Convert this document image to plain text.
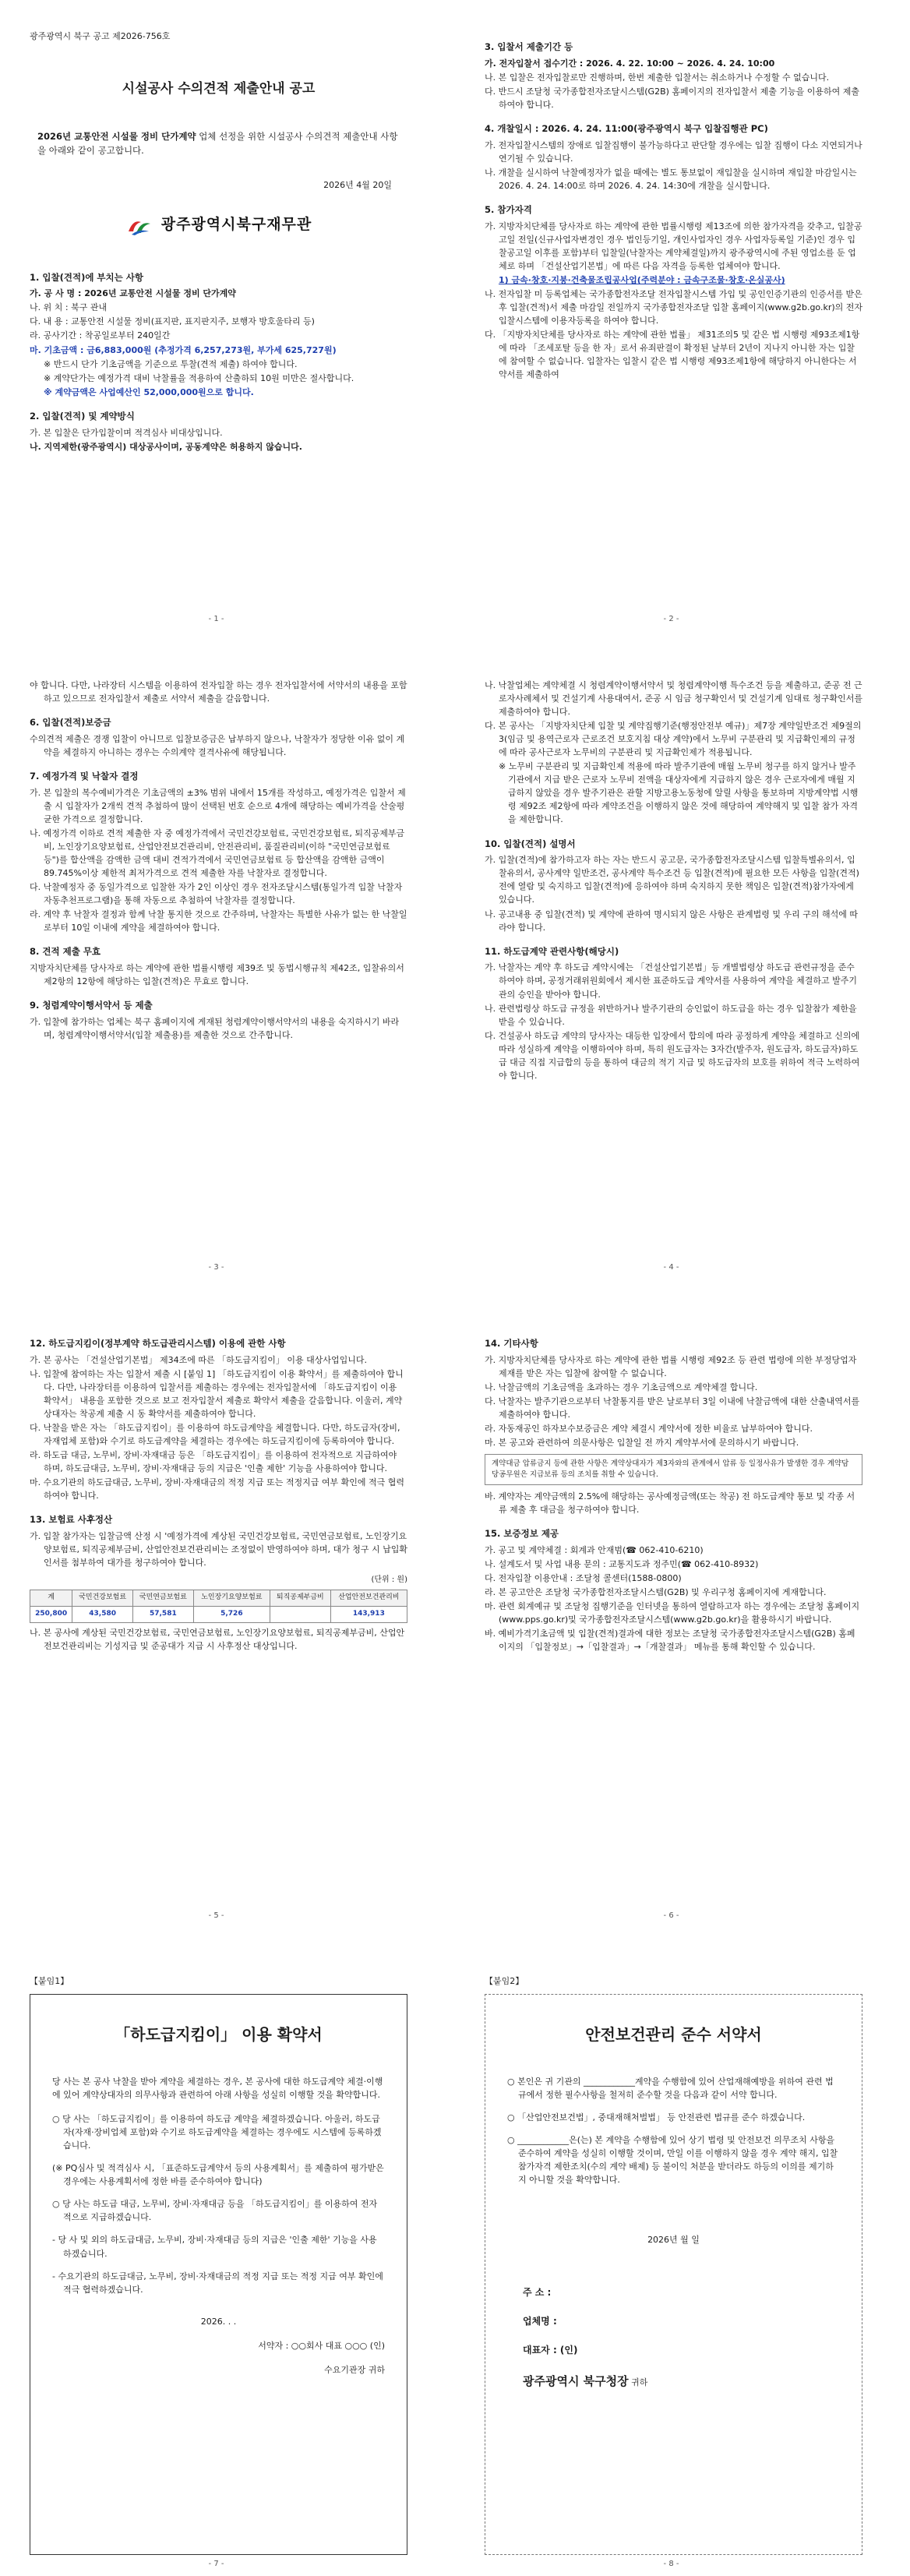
광주광역시 북구 공고 제2026-756호
시설공사 수의견적 제출안내 공고
2026년 교통안전 시설물 정비 단가계약 업체 선정을 위한 시설공사 수의견적 제출안내 사항을 아래와 같이 공고합니다.
2026년 4월 20일
광주광역시북구재무관
1. 입찰(견적)에 부치는 사항
가. 공 사 명 : 2026년 교통안전 시설물 정비 단가계약
나. 위 치 : 북구 관내
다. 내 용 : 교통안전 시설물 정비(표지판, 표지판지주, 보행자 방호울타리 등)
라. 공사기간 : 착공일로부터 240일간
마. 기초금액 : 금6,883,000원 (추정가격 6,257,273원, 부가세 625,727원)
※ 반드시 단가 기초금액을 기준으로 투찰(견적 제출) 하여야 합니다.
※ 계약단가는 예정가격 대비 낙찰률을 적용하여 산출하되 10원 미만은 절사합니다.
※ 계약금액은 사업예산인 52,000,000원으로 합니다.
2. 입찰(견적) 및 계약방식
가. 본 입찰은 단가입찰이며 적격심사 비대상입니다.
나. 지역제한(광주광역시) 대상공사이며, 공동계약은 허용하지 않습니다.
- 1 -
3. 입찰서 제출기간 등
가. 전자입찰서 접수기간 : 2026. 4. 22. 10:00 ~ 2026. 4. 24. 10:00
나. 본 입찰은 전자입찰로만 진행하며, 한번 제출한 입찰서는 취소하거나 수정할 수 없습니다.
다. 반드시 조달청 국가종합전자조달시스템(G2B) 홈페이지의 전자입찰서 제출 기능을 이용하여 제출하여야 합니다.
4. 개찰일시 : 2026. 4. 24. 11:00(광주광역시 북구 입찰집행관 PC)
가. 전자입찰시스템의 장애로 입찰집행이 불가능하다고 판단할 경우에는 입찰 집행이 다소 지연되거나 연기될 수 있습니다.
나. 개찰을 실시하여 낙찰예정자가 없을 때에는 별도 통보없이 재입찰을 실시하며 재입찰 마감일시는 2026. 4. 24. 14:00로 하며 2026. 4. 24. 14:30에 개찰을 실시합니다.
5. 참가자격
가. 지방자치단체를 당사자로 하는 계약에 관한 법률시행령 제13조에 의한 참가자격을 갖추고, 입찰공고일 전일(신규사업자변경인 경우 법인등기일, 개인사업자인 경우 사업자등록일 기준)인 경우 입찰공고일 이후를 포함)부터 입찰일(낙찰자는 계약체결일)까지 광주광역시에 주된 영업소를 둔 업체로 하며 「건설산업기본법」에 따른 다음 자격을 등록한 업체여야 합니다.
1) 금속·창호·지붕·건축물조립공사업(주력분야 : 금속구조물·창호·온실공사)
나. 전자입찰 미 등록업체는 국가종합전자조달 전자입찰시스템 가입 및 공인인증기관의 인증서를 받은 후 입찰(견적)서 제출 마감일 전일까지 국가종합전자조달 입찰 홈페이지(www.g2b.go.kr)의 전자입찰시스템에 이용자등록을 하여야 합니다.
다. 「지방자치단체를 당사자로 하는 계약에 관한 법률」 제31조의5 및 같은 법 시행령 제93조제1항에 따라 「조세포탈 등을 한 자」로서 유죄판결이 확정된 날부터 2년이 지나지 아니한 자는 입찰에 참여할 수 없습니다. 입찰자는 입찰시 같은 법 시행령 제93조제1항에 해당하지 아니한다는 서약서를 제출하여
- 2 -
야 합니다. 다만, 나라장터 시스템을 이용하여 전자입찰 하는 경우 전자입찰서에 서약서의 내용을 포함하고 있으므로 전자입찰서 제출로 서약서 제출을 갈음합니다.
6. 입찰(견적)보증금
수의견적 제출은 경쟁 입찰이 아니므로 입찰보증금은 납부하지 않으나, 낙찰자가 정당한 이유 없이 계약을 체결하지 아니하는 경우는 수의계약 결격사유에 해당됩니다.
7. 예정가격 및 낙찰자 결정
가. 본 입찰의 복수예비가격은 기초금액의 ±3% 범위 내에서 15개를 작성하고, 예정가격은 입찰서 제출 시 입찰자가 2개씩 견적 추첨하여 많이 선택된 번호 순으로 4개에 해당하는 예비가격을 산술평균한 가격으로 결정합니다.
나. 예정가격 이하로 견적 제출한 자 중 예정가격에서 국민건강보험료, 국민건강보험료, 퇴직공제부금비, 노인장기요양보험료, 산업안전보건관리비, 안전관리비, 품질관리비(이하 "국민연금보험료 등")를 합산액을 감액한 금액 대비 견적가격에서 국민연금보험료 등 합산액을 감액한 금액이 89.745%이상 제한적 최저가격으로 견적 제출한 자를 낙찰자로 결정합니다.
다. 낙찰예정자 중 동일가격으로 입찰한 자가 2인 이상인 경우 전자조달시스템(통일가격 입찰 낙찰자 자동추천프로그램)을 통해 자동으로 추첨하여 낙찰자를 결정합니다.
라. 계약 후 낙찰자 결정과 함께 낙찰 통지한 것으로 간주하며, 낙찰자는 특별한 사유가 없는 한 낙찰일로부터 10일 이내에 계약을 체결하여야 합니다.
8. 견적 제출 무효
지방자치단체를 당사자로 하는 계약에 관한 법률시행령 제39조 및 동법시행규칙 제42조, 입찰유의서 제2항의 12항에 해당하는 입찰(견적)은 무효로 합니다.
9. 청렴계약이행서약서 등 제출
가. 입찰에 참가하는 업체는 북구 홈페이지에 게재된 청렴계약이행서약서의 내용을 숙지하시기 바라며, 청렴계약이행서약서(입찰 제출용)를 제출한 것으로 간주합니다.
- 3 -
나. 낙찰업체는 계약체결 시 청렴계약이행서약서 및 청렴계약이행 특수조건 등을 제출하고, 준공 전 근로자사례체서 및 건설기계 사용대여서, 준공 시 임금 청구확인서 및 건설기계 임대료 청구확인서를 제출하여야 합니다.
다. 본 공사는 「지방자치단체 입찰 및 계약집행기준(행정안전부 예규)」제7장 계약일반조건 제9절의3(임금 및 용역근로자 근로조건 보호지침 대상 계약)에서 노무비 구분관리 및 지급확인제의 규정에 따라 공사근로자 노무비의 구분관리 및 지급확인제가 적용됩니다.
※ 노무비 구분관리 및 지급확인제 적용에 따라 발주기관에 매월 노무비 청구를 하지 않거나 발주기관에서 지급 받은 근로자 노무비 전액을 대상자에게 지급하지 않은 경우 근로자에게 매월 지급하지 않았을 경우 발주기관은 관할 지방고용노동청에 알릴 사항을 통보하며 지방계약법 시행령 제92조 제2항에 따라 계약조건을 이행하지 않은 것에 해당하여 계약해지 및 입찰 참가 자격을 제한합니다.
10. 입찰(견적) 설명서
가. 입찰(견적)에 참가하고자 하는 자는 반드시 공고문, 국가종합전자조달시스템 입찰특별유의서, 입찰유의서, 공사계약 일반조건, 공사계약 특수조건 등 입찰(견적)에 필요한 모든 사항을 입찰(견적)전에 열람 및 숙지하고 입찰(견적)에 응하여야 하며 숙지하지 못한 책임은 입찰(견적)참가자에게 있습니다.
나. 공고내용 중 입찰(견적) 및 계약에 관하여 명시되지 않은 사항은 관계법령 및 우리 구의 해석에 따라야 합니다.
11. 하도급계약 관련사항(해당시)
가. 낙찰자는 계약 후 하도급 계약시에는 「건설산업기본법」등 개별법령상 하도급 관련규정을 준수하여야 하며, 공정거래위원회에서 제시한 표준하도급 계약서를 사용하여 계약을 체결하고 발주기관의 승인을 받아야 합니다.
나. 관련법령상 하도급 규정을 위반하거나 발주기관의 승인없이 하도급을 하는 경우 입찰참가 제한을 받을 수 있습니다.
다. 건설공사 하도급 계약의 당사자는 대등한 입장에서 합의에 따라 공정하게 계약을 체결하고 신의에 따라 성실하게 계약을 이행하여야 하며, 특히 원도급자는 3자간(발주자, 원도급자, 하도급자)하도급 대금 직접 지급합의 등을 통하여 대금의 적기 지급 및 하도급자의 보호를 위하여 적극 노력하여야 합니다.
- 4 -
12. 하도급지킴이(정부계약 하도급관리시스템) 이용에 관한 사항
가. 본 공사는 「건설산업기본법」 제34조에 따른 「하도급지킴이」 이용 대상사업입니다.
나. 입찰에 참여하는 자는 입찰서 제출 시 [붙임 1] 「하도급지킴이 이용 확약서」를 제출하여야 합니다. 다만, 나라장터를 이용하여 입찰서를 제출하는 경우에는 전자입찰서에 「하도급지킴이 이용 확약서」 내용을 포함한 것으로 보고 전자입찰서 제출로 확약서 제출을 갈음합니다. 이울러, 계약상대자는 착공계 제출 시 동 확약서를 제출하여야 합니다.
다. 낙찰을 받은 자는 「하도급지킴이」를 이용하여 하도급계약을 체결합니다. 다만, 하도급자(장비, 자재업체 포함)와 수기로 하도급계약을 체결하는 경우에는 하도급지킴이에 등록하여야 합니다.
라. 하도급 대금, 노무비, 장비·자재대금 등은 「하도급지킴이」를 이용하여 전자적으로 지급하여야 하며, 하도급대금, 노무비, 장비·자재대금 등의 지급은 '인출 제한' 기능을 사용하여야 합니다.
마. 수요기관의 하도급대금, 노무비, 장비·자재대금의 적정 지급 또는 적정지급 여부 확인에 적극 협력하여야 합니다.
13. 보험료 사후정산
가. 입찰 참가자는 입찰금액 산정 시 '예정가격에 계상된 국민건강보험료, 국민연금보험료, 노인장기요양보험료, 퇴직공제부금비, 산업안전보건관리비는 조정없이 반영하여야 하며, 대가 청구 시 납입확인서를 첨부하여 대가를 청구하여야 합니다.
(단위 : 원)
계	국민건강보험료	국민연금보험료	노인장기요양보험료	퇴직공제부금비	산업안전보건관리비
250,800	43,580	57,581	5,726		143,913
나. 본 공사에 계상된 국민건강보험료, 국민연금보험료, 노인장기요양보험료, 퇴직공제부금비, 산업안전보건관리비는 기성지급 및 준공대가 지급 시 사후정산 대상입니다.
- 5 -
14. 기타사항
가. 지방자치단체를 당사자로 하는 계약에 관한 법률 시행령 제92조 등 관련 법령에 의한 부정당업자 제재를 받은 자는 입찰에 참여할 수 없습니다.
나. 낙찰금액의 기초금액을 초과하는 경우 기초금액으로 계약체결 합니다.
다. 낙찰자는 발주기관으로부터 낙찰통지를 받은 날로부터 3일 이내에 낙찰금액에 대한 산출내역서를 제출하여야 합니다.
라. 자동재공인 하자보수보증금은 계약 체결시 계약서에 정한 비율로 납부하여야 합니다.
마. 본 공고와 관련하여 의문사항은 입찰일 전 까지 계약부서에 문의하시기 바랍니다.
계약대금 압류금지 등에 관한 사항은 계약상대자가 제3자와의 관계에서 압류 등 일정사유가 발생한 경우 계약담당공무원은 지급보류 등의 조치를 취할 수 있습니다.
바. 계약자는 계약금액의 2.5%에 해당하는 공사예정금액(또는 착공) 전 하도급계약 통보 및 각종 서류 제출 후 대금을 청구하여야 합니다.
15. 보증정보 제공
가. 공고 및 계약체결 : 회계과 안재범(☎ 062-410-6210)
나. 설계도서 및 사업 내용 문의 : 교통지도과 정주민(☎ 062-410-8932)
다. 전자입찰 이용안내 : 조달청 콜센터(1588-0800)
라. 본 공고안은 조달청 국가종합전자조달시스템(G2B) 및 우리구청 홈페이지에 게재합니다.
마. 관련 회계예규 및 조달청 집행기준을 인터넷을 통하여 열람하고자 하는 경우에는 조달청 홈페이지(www.pps.go.kr)및 국가종합전자조달시스템(www.g2b.go.kr)을 활용하시기 바랍니다.
바. 예비가격기초금액 및 입찰(견적)결과에 대한 정보는 조달청 국가종합전자조달시스템(G2B) 홈페이지의 「입찰정보」→「입찰결과」→「개찰결과」 메뉴를 통해 확인할 수 있습니다.
- 6 -
【붙임1】
「하도급지킴이」 이용 확약서
당 사는 본 공사 낙찰을 받아 계약을 체결하는 경우, 본 공사에 대한 하도급계약 체결·이행에 있어 계약상대자의 의무사항과 관련하여 아래 사항을 성실히 이행할 것을 확약합니다.
○ 당 사는 「하도급지킴이」를 이용하여 하도급 계약을 체결하겠습니다. 아울러, 하도급자(자재·장비업체 포함)와 수기로 하도급계약을 체결하는 경우에도 시스템에 등록하겠습니다.
(※ PQ심사 및 적격심사 시, 「표준하도급계약서 등의 사용계획서」를 제출하여 평가받은 경우에는 사용계획서에 정한 바를 준수하여야 합니다)
○ 당 사는 하도급 대금, 노무비, 장비·자재대금 등을 「하도급지킴이」를 이용하여 전자적으로 지급하겠습니다.
- 당 사 및 외의 하도급대금, 노무비, 장비·자재대금 등의 지급은 '인출 제한' 기능을 사용하겠습니다.
- 수요기관의 하도급대금, 노무비, 장비·자재대금의 적정 지급 또는 적정 지급 여부 확인에 적극 협력하겠습니다.
2026. . .
서약자 : ○○회사 대표 ○○○ (인)
수요기관장 귀하
- 7 -
【붙임2】
안전보건관리 준수 서약서
○ 본인은 귀 기관의 ____________계약을 수행함에 있어 산업재해예방을 위하여 관련 법규에서 정한 필수사항을 철저히 준수할 것을 다음과 같이 서약 합니다.
○ 「산업안전보건법」, 중대재해처벌법」 등 안전관련 법규를 준수 하겠습니다.
○ ____________은(는) 본 계약을 수행함에 있어 상기 법령 및 안전보건 의무조치 사항을 준수하여 계약을 성실히 이행할 것이며, 만일 이를 이행하지 않을 경우 계약 해지, 입찰참가자격 제한조치(수의 계약 배제) 등 불이익 처분을 받더라도 하등의 이의를 제기하지 아니할 것을 확약합니다.
2026년 월 일
주 소 :
업체명 :
대표자 : (인)
광주광역시 북구청장 귀하
- 8 -
